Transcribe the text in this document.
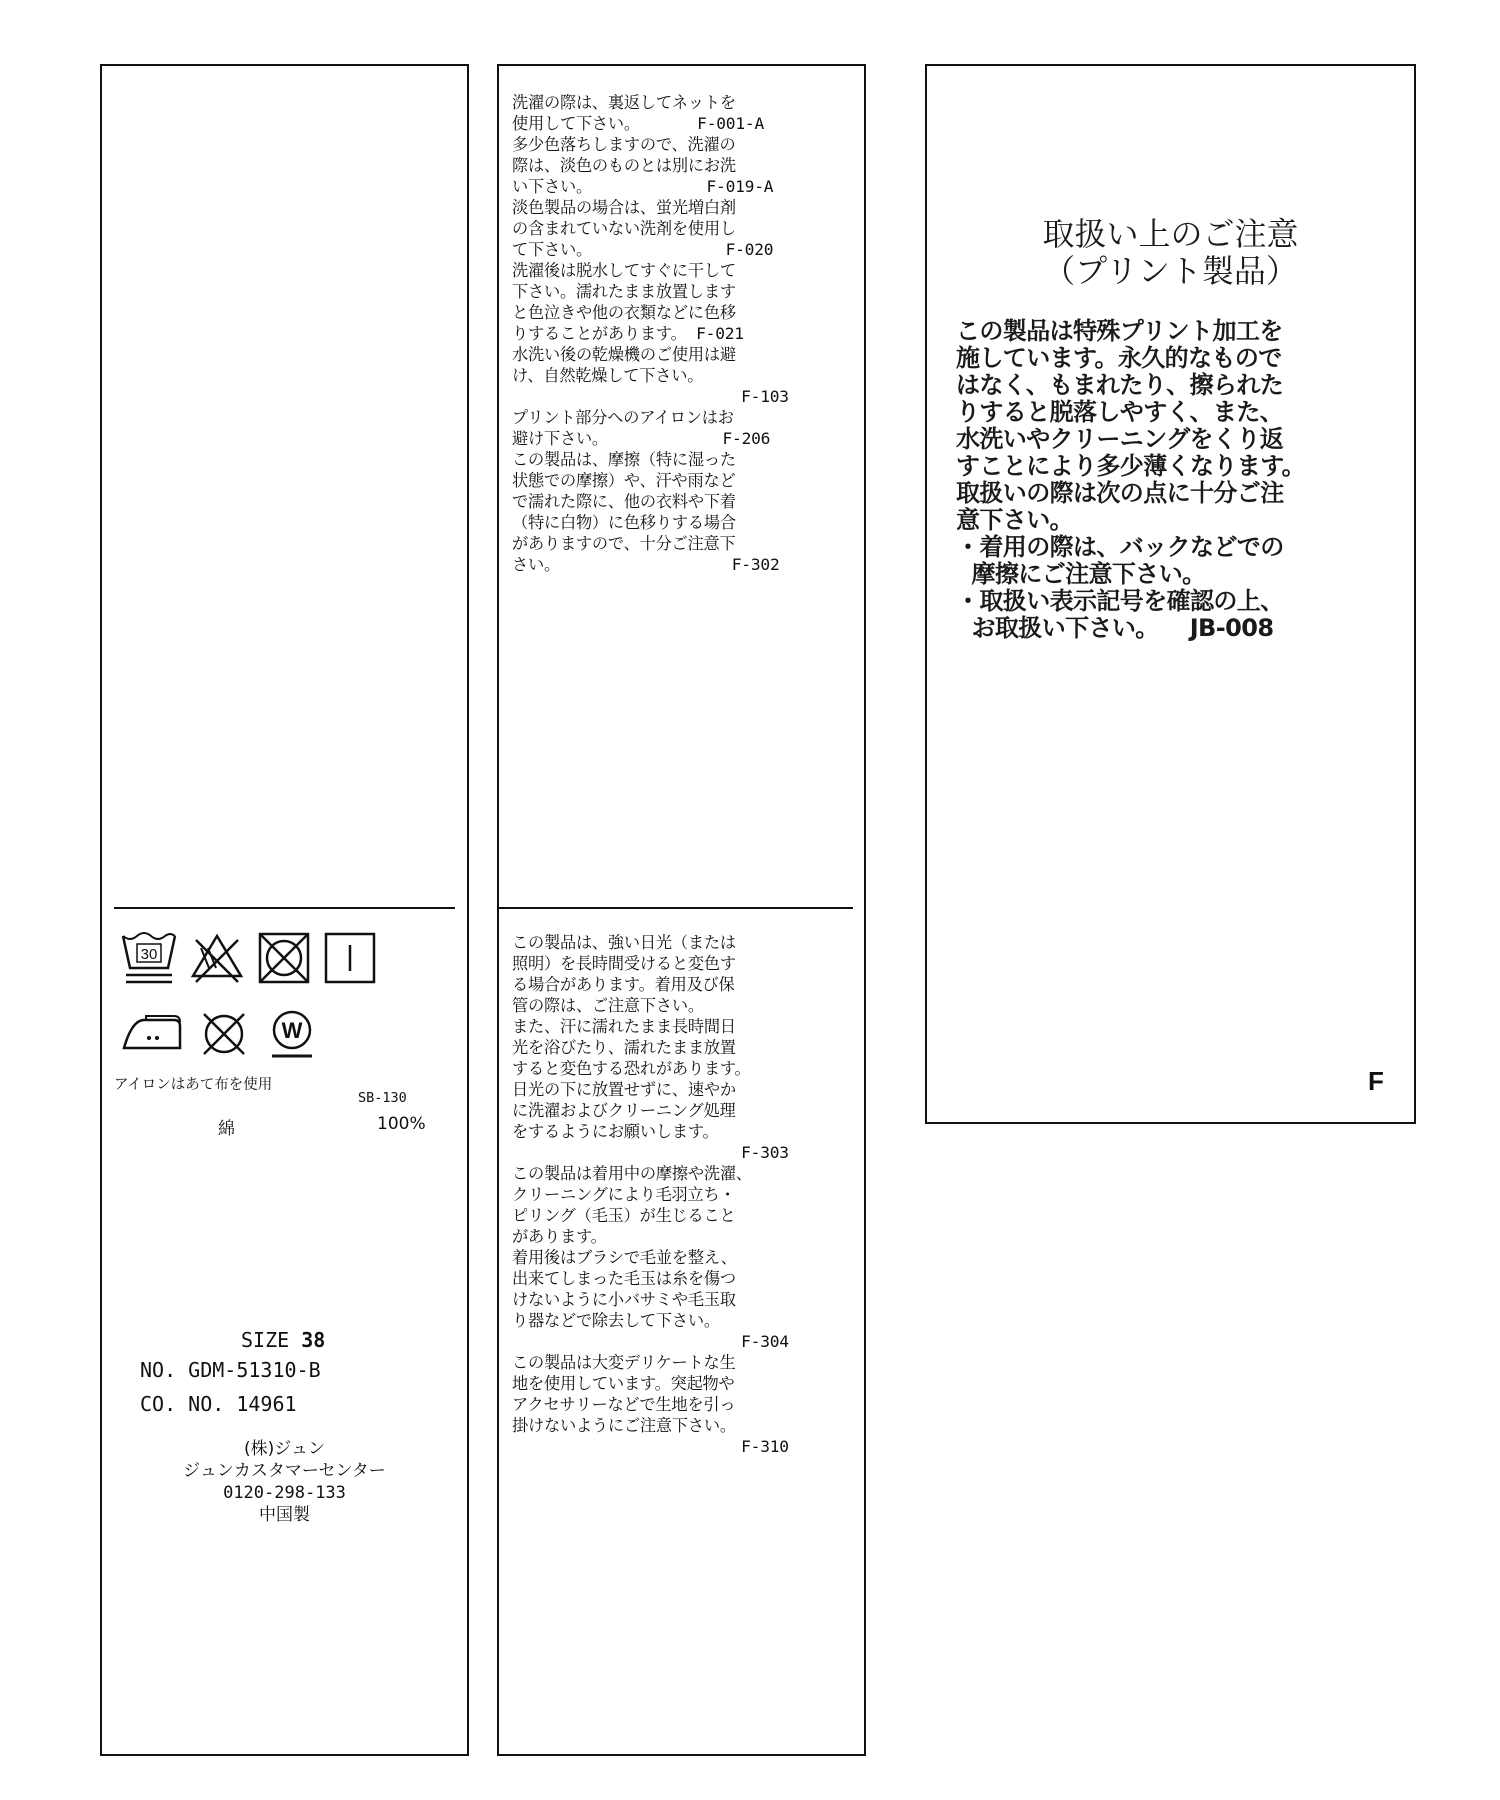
30
W

アイロンはあて布を使用

SB-130

綿	100%

SIZE 38

NO. GDM-51310-B

CO. NO. 14961

(株)ジュン
ジュンカスタマーセンター
0120-298-133
中国製
洗濯の際は、裏返してネットを
使用して下さい。      F-001-A
多少色落ちしますので、洗濯の
際は、淡色のものとは別にお洗
い下さい。            F-019-A
淡色製品の場合は、蛍光増白剤
の含まれていない洗剤を使用し
て下さい。              F-020
洗濯後は脱水してすぐに干して
下さい。濡れたまま放置します
と色泣きや他の衣類などに色移
りすることがあります。 F-021
水洗い後の乾燥機のご使用は避
け、自然乾燥して下さい。
F-103
プリント部分へのアイロンはお
避け下さい。            F-206
この製品は、摩擦（特に湿った
状態での摩擦）や、汗や雨など
で濡れた際に、他の衣料や下着
（特に白物）に色移りする場合
がありますので、十分ご注意下
さい。                  F-302
この製品は、強い日光（または
照明）を長時間受けると変色す
る場合があります。着用及び保
管の際は、ご注意下さい。
また、汗に濡れたまま長時間日
光を浴びたり、濡れたまま放置
すると変色する恐れがあります。
日光の下に放置せずに、速やか
に洗濯およびクリーニング処理
をするようにお願いします。
F-303
この製品は着用中の摩擦や洗濯、
クリーニングにより毛羽立ち・
ピリング（毛玉）が生じること
があります。
着用後はブラシで毛並を整え、
出来てしまった毛玉は糸を傷つ
けないように小バサミや毛玉取
り器などで除去して下さい。
F-304
この製品は大変デリケートな生
地を使用しています。突起物や
アクセサリーなどで生地を引っ
掛けないようにご注意下さい。
F-310
取扱い上のご注意
（プリント製品）
この製品は特殊プリント加工を
施しています。永久的なもので
はなく、もまれたり、擦られた
りすると脱落しやすく、また、
水洗いやクリーニングをくり返
すことにより多少薄くなります。
取扱いの際は次の点に十分ご注
意下さい。
・着用の際は、バックなどでの
摩擦にご注意下さい。
・取扱い表示記号を確認の上、
お取扱い下さい。    JB-008

F
